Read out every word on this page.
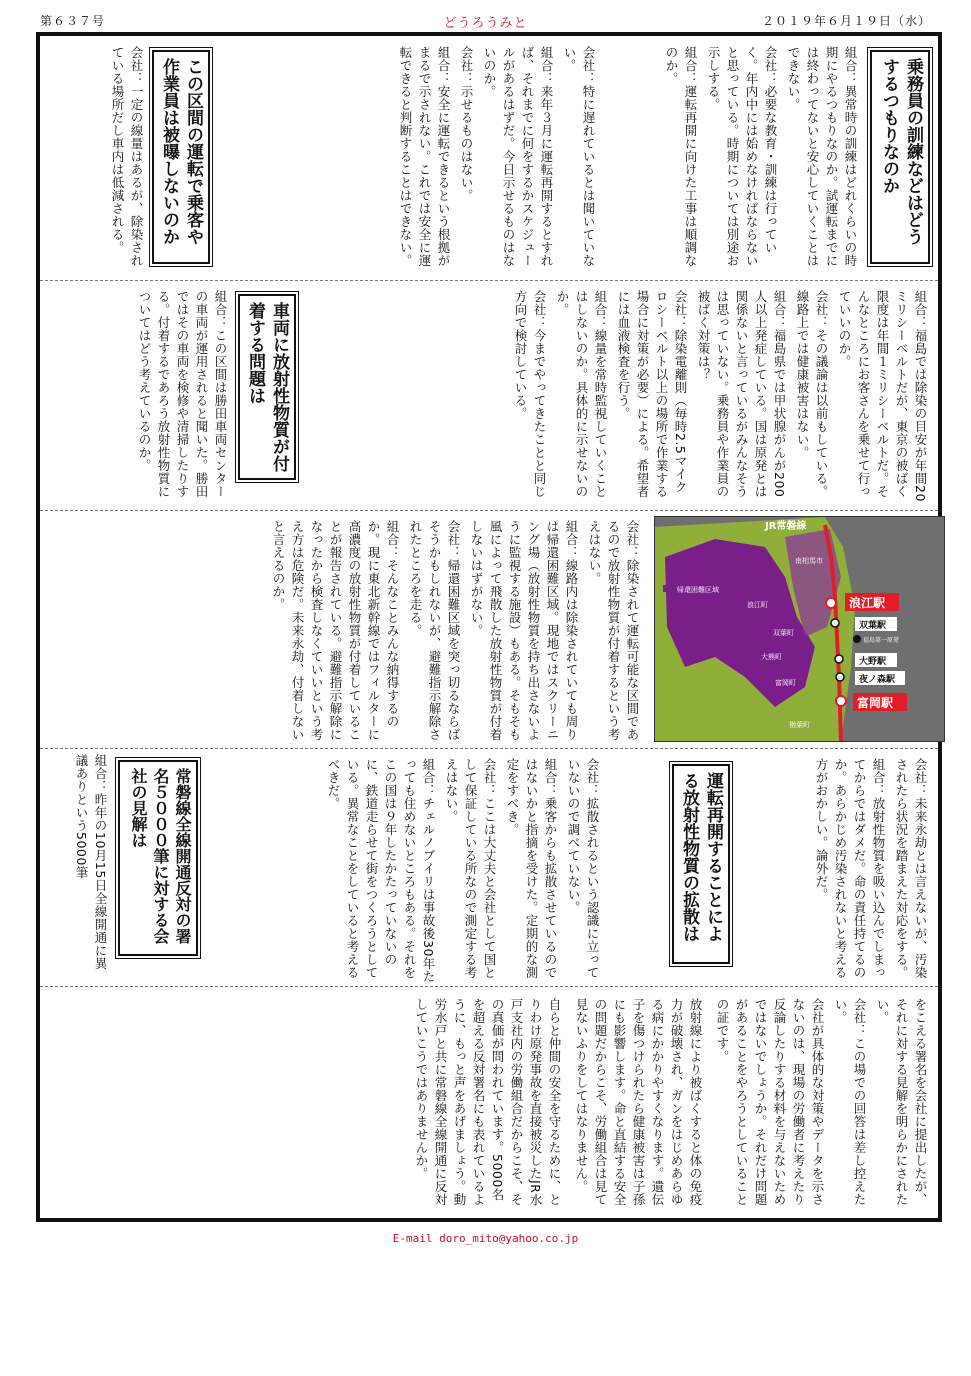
第６３７号	どうろうみと	２０１９年６月１９日（水）
乗務員の訓練などはどうするつもりなのか

組合：異常時の訓練はどれくらいの時期にやるつもりなのか。試運転までには終わってないと安心していくことはできない。

会社：必要な教育・訓練は行っていく。年内中には始めなければならないと思っている。時期については別途お示しする。

組合：運転再開に向けた工事は順調なのか。

会社：特に遅れているとは聞いていない。

組合：来年３月に運転再開するとすれば、それまでに何をするかスケジュールがあるはずだ。今日示せるものはないのか。

会社：示せるものはない。

組合：安全に運転できるという根拠がまるで示されない。これでは安全に運転できると判断することはできない。

この区間の運転で乗客や作業員は被曝しないのか

会社：一定の線量はあるが、除染されている場所だし車内は低減される。

組合：福島では除染の目安が年間20ミリシーベルトだが、東京の被ばく限度は年間１ミリシーベルトだ。そんなところにお客さんを乗せて行っていいのか。

会社：その議論は以前もしている。線路上では健康被害はない。

組合：福島県では甲状腺がんが200人以上発症している。国は原発とは関係ないと言っているがみんなそうは思っていない。乗務員や作業員の被ばく対策は？

会社：除染電離則（毎時2.5マイクロシーベルト以上の場所で作業する場合に対策が必要）による。希望者には血液検査を行う。

組合：線量を常時監視していくことはしないのか。具体的に示せないのか。

会社：今までやってきたことと同じ方向で検討している。

車両に放射性物質が付着する問題は

組合：この区間は勝田車両センターの車両が運用されると聞いた。勝田ではその車両を検修や清掃したりする。付着するであろう放射性物質についてはどう考えているのか。

帰還困難区域
JR常磐線
南相馬市
浪江町
双葉町
大熊町
富岡町
楢葉町
福島第一原発
浪江駅
双葉駅
大野駅
夜ノ森駅
富岡駅

会社：除染されて運転可能な区間であるので放射性物質が付着するという考えはない。

組合：線路内は除染されていても周りは帰還困難区域。現地ではスクリーニング場（放射性物質を持ち出さないように監視する施設）もある。そもそも風によって飛散した放射性物質が付着しないはずがない。

会社：帰還困難区域を突っ切るならばそうかもしれないが、避難指示解除されたところを走る。

組合：そんなことみんな納得するのか。現に東北新幹線ではフィルターに高濃度の放射性物質が付着していることが報告されている。避難指示解除になったから検査しなくていいという考え方は危険だ。未来永劫、付着しないと言えるのか。

会社：未来永劫とは言えないが、汚染されたら状況を踏まえた対応をする。

組合：放射性物質を吸い込んでしまってからではダメだ。命の責任持てるのか。あらかじめ汚染されないと考える方がおかしい。論外だ。

運転再開することによる放射性物質の拡散は

会社：拡散されるという認識に立っていないので調べていない。

組合：乗客からも拡散させているのではないかと指摘を受けた。定期的な測定をすべき。

会社：ここは大丈夫と会社として国として保証している所なので測定する考えはない。

組合：チェルノブイリは事故後30年たっても住めないところもある。それをこの国は９年したかたっていないのに、鉄道走らせて街をつくろうとしている。異常なことをしていると考えるべきだ。

をこえる署名を会社に提出したが、それに対する見解を明らかにされたい。

会社：この場での回答は差し控えたい。

会社が具体的な対策やデータを示さないのは、現場の労働者に考えたり反論したりする材料を与えないためではないでしょうか。それだけ問題があることをやろうとしていることの証です。

放射線により被ばくすると体の免疫力が破壊され、ガンをはじめあらゆる病にかかりやすくなります。遺伝子を傷つけられたら健康被害は子孫にも影響します。命と直結する安全の問題だからこそ、労働組合は見て見ないふりをしてはなりません。

自らと仲間の安全を守るために、とりわけ原発事故を直接被災したJR水戸支社内の労働組合だからこそ、その真価が問われています。5000名を超える反対署名にも表れているように、もっと声をあげましょう。動労水戸と共に常磐線全線開通に反対していこうではありませんか。

常磐線全線開通反対の署名５０００筆に対する会社の見解は

組合：昨年の10月15日全線開通に異議ありという5000筆

E-mail doro_mito@yahoo.co.jp
